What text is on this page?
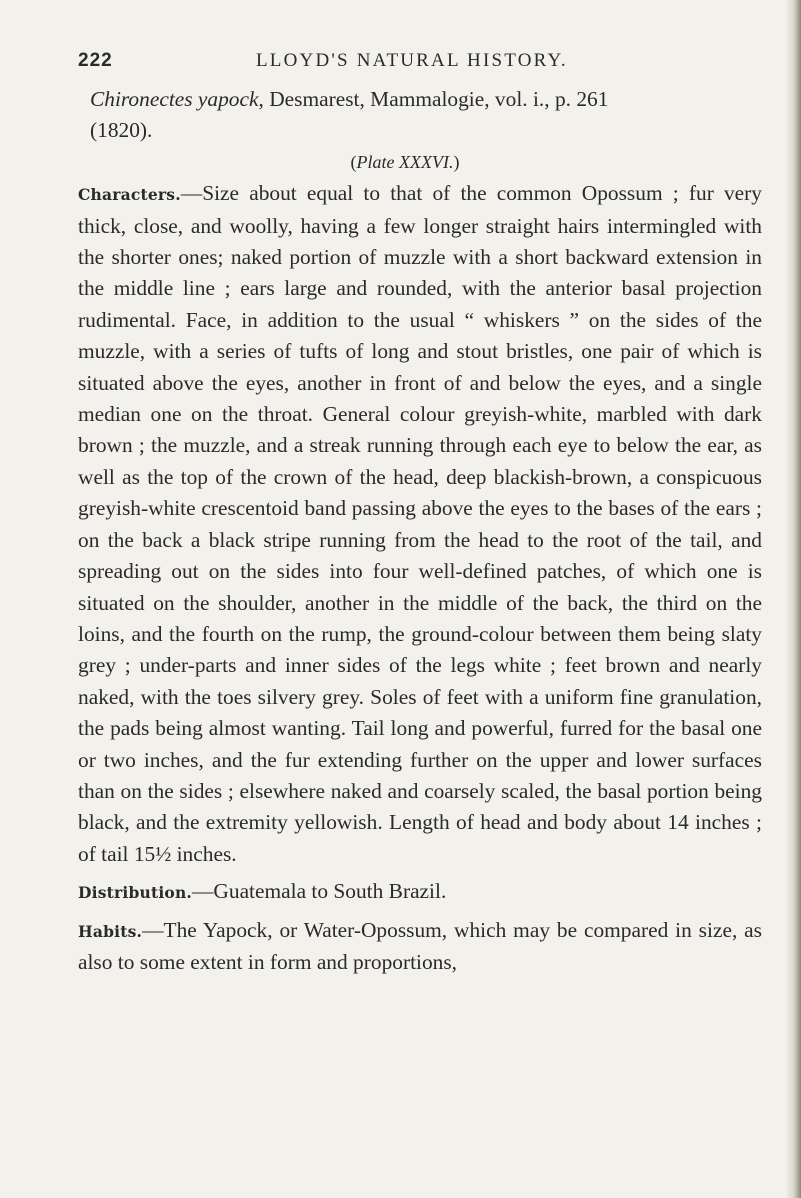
222	LLOYD'S NATURAL HISTORY.

Chironectes yapock, Desmarest, Mammalogie, vol. i., p. 261

(1820).

(Plate XXXVI.)

Characters.—Size about equal to that of the common Opossum ; fur very thick, close, and woolly, having a few longer straight hairs intermingled with the shorter ones; naked portion of muzzle with a short backward extension in the middle line ; ears large and rounded, with the anterior basal projection rudimental. Face, in addition to the usual “ whiskers ” on the sides of the muzzle, with a series of tufts of long and stout bristles, one pair of which is situated above the eyes, another in front of and below the eyes, and a single median one on the throat. General colour greyish-white, marbled with dark brown ; the muzzle, and a streak running through each eye to below the ear, as well as the top of the crown of the head, deep blackish-brown, a conspicuous greyish-white crescentoid band passing above the eyes to the bases of the ears ; on the back a black stripe running from the head to the root of the tail, and spreading out on the sides into four well-defined patches, of which one is situated on the shoulder, another in the middle of the back, the third on the loins, and the fourth on the rump, the ground-colour between them being slaty grey ; under-parts and inner sides of the legs white ; feet brown and nearly naked, with the toes silvery grey. Soles of feet with a uniform fine granulation, the pads being almost wanting. Tail long and powerful, furred for the basal one or two inches, and the fur extending further on the upper and lower surfaces than on the sides ; elsewhere naked and coarsely scaled, the basal portion being black, and the extremity yellowish. Length of head and body about 14 inches ; of tail 15½ inches.

Distribution.—Guatemala to South Brazil.

Habits.—The Yapock, or Water-Opossum, which may be compared in size, as also to some extent in form and proportions,
